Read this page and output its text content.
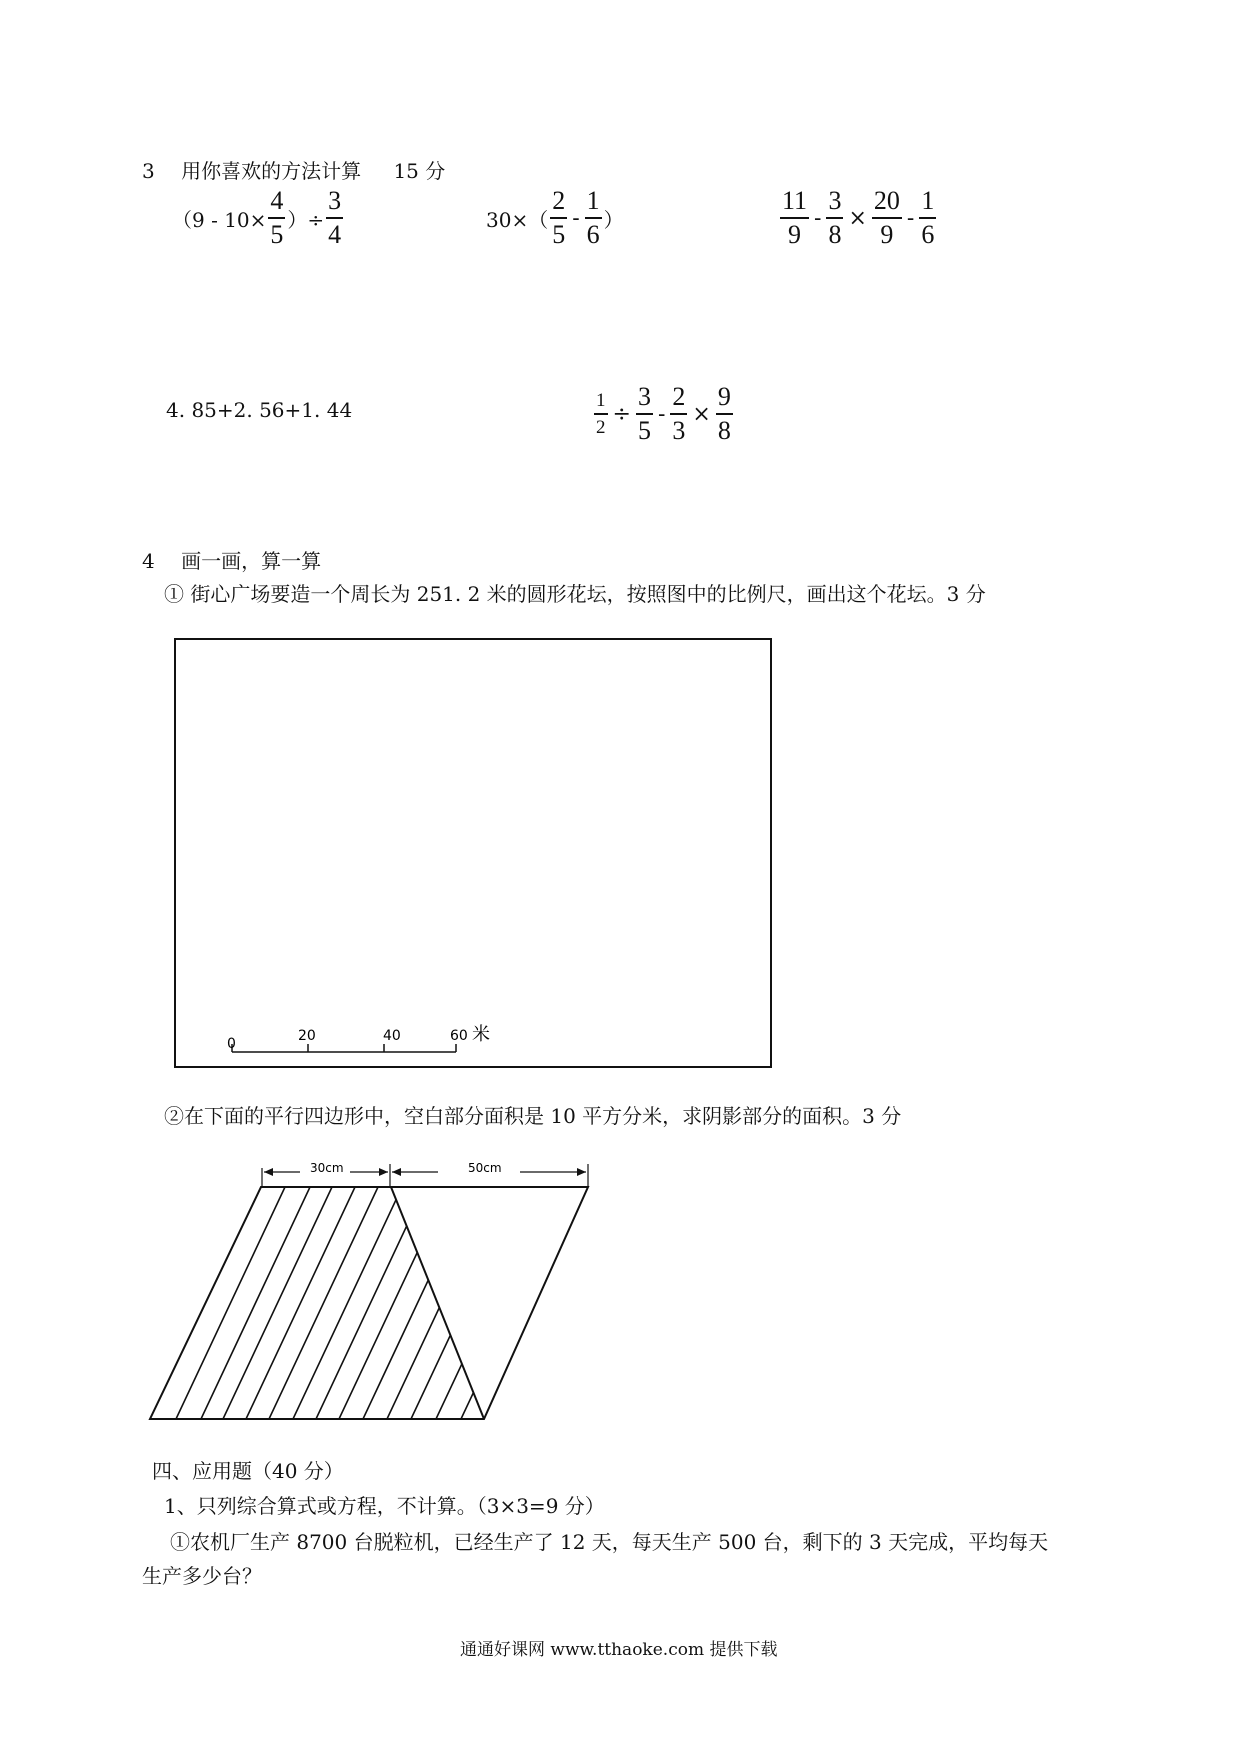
3 用你喜欢的方法计算 15 分
（$9 - 10\times \frac{4}{5}$ ）÷ $\frac{3}{4}$	$30\times( \frac{2}{5} - \frac{1}{6}$ ）	$\frac{11}{9} - \frac{3}{8} \times \frac{20}{9} - \frac{1}{6}$
4. 85+2. 56+1. 44	$\frac{1}{2} \div \frac{3}{5} - \frac{2}{3} \times \frac{9}{8}$
4 画一画，算一算
① 街心广场要造一个周长为 251. 2 米的圆形花坛，按照图中的比例尺，画出这个花坛。3 分
0	20	40	60 米
②在下面的平行四边形中，空白部分面积是 10 平方分米，求阴影部分的面积。3 分
30cm	50cm
四、应用题（40 分）
1、只列综合算式或方程，不计算。（3×3=9 分）
①农机厂生产 8700 台脱粒机，已经生产了 12 天，每天生产 500 台，剩下的 3 天完成，平均每天
生产多少台？
通通好课网 www.tthaoke.com 提供下载
